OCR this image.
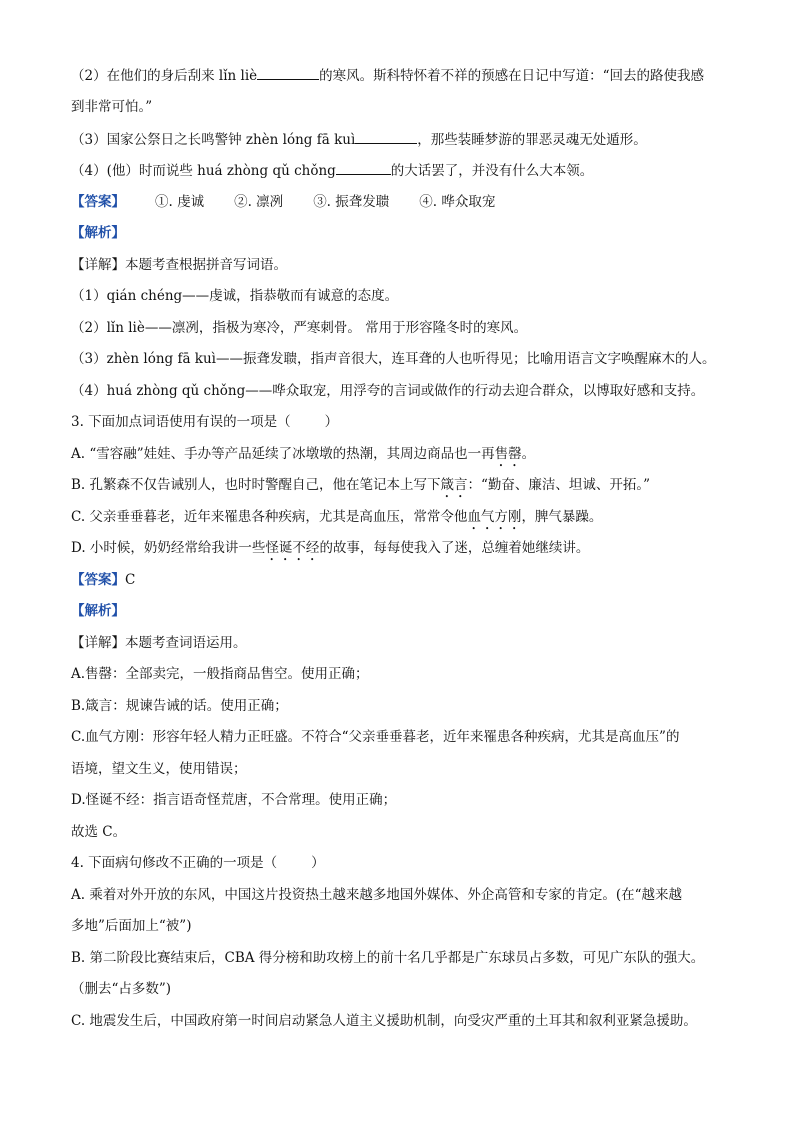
（2）在他们的身后刮来 lǐn liè	的寒风。斯科特怀着不祥的预感在日记中写道：“回去的路使我感
到非常可怕。”
（3）国家公祭日之长鸣警钟 zhèn lóng fā kuì	，那些装睡梦游的罪恶灵魂无处遁形。
（4）(他）时而说些 huá zhòng qǔ chǒng	的大话罢了，并没有什么大本领。
【答案】 ①. 虔诚 ②. 凛冽 ③. 振聋发聩 ④. 哗众取宠
【解析】
【详解】本题考查根据拼音写词语。
（1）qián chéng——虔诚，指恭敬而有诚意的态度。
（2）lǐn liè——凛冽，指极为寒冷，严寒刺骨。 常用于形容隆冬时的寒风。
（3）zhèn lóng fā kuì——振聋发聩，指声音很大，连耳聋的人也听得见；比喻用语言文字唤醒麻木的人。
（4）huá zhòng qǔ chǒng——哗众取宠，用浮夸的言词或做作的行动去迎合群众，以博取好感和支持。
3. 下面加点词语使用有误的一项是（	）
A. “雪容融”娃娃、手办等产品延续了冰墩墩的热潮，其周边商品也一再售罄。
B. 孔繁森不仅告诫别人，也时时警醒自己，他在笔记本上写下箴言：“勤奋、廉洁、坦诚、开拓。”
C. 父亲垂垂暮老，近年来罹患各种疾病，尤其是高血压，常常令他血气方刚，脾气暴躁。
D. 小时候，奶奶经常给我讲一些怪诞不经的故事，每每使我入了迷，总缠着她继续讲。
【答案】C
【解析】
【详解】本题考查词语运用。
A.售罄：全部卖完，一般指商品售空。使用正确；
B.箴言：规谏告诫的话。使用正确；
C.血气方刚：形容年轻人精力正旺盛。不符合“父亲垂垂暮老，近年来罹患各种疾病，尤其是高血压”的
语境，望文生义，使用错误；
D.怪诞不经：指言语奇怪荒唐，不合常理。使用正确；
故选 C。
4. 下面病句修改不正确的一项是（	）
A. 乘着对外开放的东风，中国这片投资热土越来越多地国外媒体、外企高管和专家的肯定。(在“越来越
多地”后面加上“被”)
B. 第二阶段比赛结束后，CBA 得分榜和助攻榜上的前十名几乎都是广东球员占多数，可见广东队的强大。
（删去“占多数”)
C. 地震发生后，中国政府第一时间启动紧急人道主义援助机制，向受灾严重的土耳其和叙利亚紧急援助。
